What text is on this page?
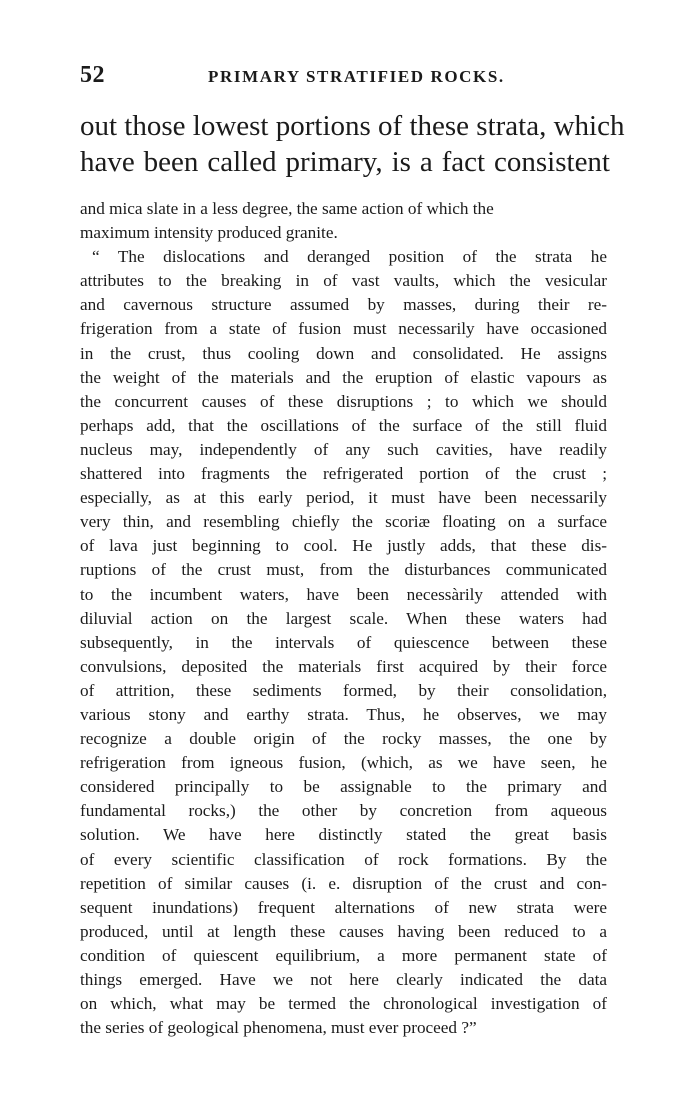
52	PRIMARY STRATIFIED ROCKS.
out those lowest portions of these strata, which
have been called primary, is a fact consistent
and mica slate in a less degree, the same action of which the
maximum intensity produced granite.
“ The dislocations and deranged position of the strata he
attributes to the breaking in of vast vaults, which the vesicular
and cavernous structure assumed by masses, during their re-
frigeration from a state of fusion must necessarily have occasioned
in the crust, thus cooling down and consolidated. He assigns
the weight of the materials and the eruption of elastic vapours as
the concurrent causes of these disruptions ; to which we should
perhaps add, that the oscillations of the surface of the still fluid
nucleus may, independently of any such cavities, have readily
shattered into fragments the refrigerated portion of the crust ;
especially, as at this early period, it must have been necessarily
very thin, and resembling chiefly the scoriæ floating on a surface
of lava just beginning to cool. He justly adds, that these dis-
ruptions of the crust must, from the disturbances communicated
to the incumbent waters, have been necessàrily attended with
diluvial action on the largest scale. When these waters had
subsequently, in the intervals of quiescence between these
convulsions, deposited the materials first acquired by their force
of attrition, these sediments formed, by their consolidation,
various stony and earthy strata. Thus, he observes, we may
recognize a double origin of the rocky masses, the one by
refrigeration from igneous fusion, (which, as we have seen, he
considered principally to be assignable to the primary and
fundamental rocks,) the other by concretion from aqueous
solution. We have here distinctly stated the great basis
of every scientific classification of rock formations. By the
repetition of similar causes (i. e. disruption of the crust and con-
sequent inundations) frequent alternations of new strata were
produced, until at length these causes having been reduced to a
condition of quiescent equilibrium, a more permanent state of
things emerged. Have we not here clearly indicated the data
on which, what may be termed the chronological investigation of
the series of geological phenomena, must ever proceed ?”
